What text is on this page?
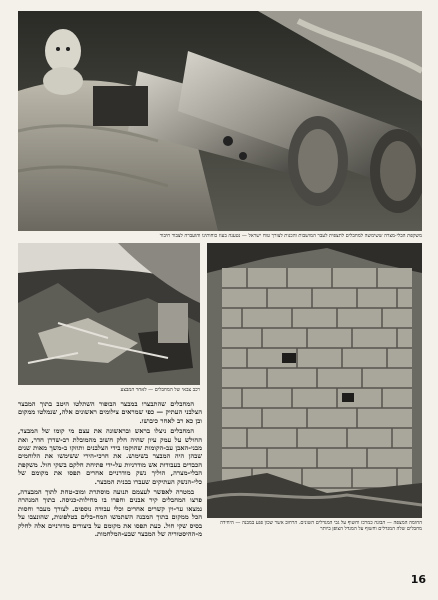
משקפת הבלי-מצרה ששימשה למחבלים לתצפית לעבר המושבות והכנות לצורך טוח ישראל — נטענה בעוז כוחותינו והועברה לצבור חיבור
רכב צבאי של המחבלים — לאחר המבצע
החומה המצפה — הבונה כמרכז וחשוף על גבי המגדלים השונים. הרחוב אשר שכון פגע במבנה — היחידה מחבלים שלה המגדלים וחשוף על המגדל הצופן ביותר

המחבלים שהתבצרו במבצר הבופור השתלטו היטב בתוך המבצר הצלבני העתיק — כפי שמראים צילומים ראשונים אלה, שנמלטו ממקום ובן כא רב לאחר כיבושו.

המחבלים ניצלו בראש ובראשונה את עצם מי קומו של המבצר, החולש על עמק עיון שהיה חלק חשוב מהמובלת רב-שדרן חדר, ואת מבני-האבן עב-הקומות שהוקמו בידי הצלבנים ותוזקו ב-משך מאות שנים שבהן היה המבצר בשימוש. את חרכי-הירי ששימשו את הלוחמים הכבדים בעבודות אש מודרניות על-ידי פתיחת חלקם בשקי חול. משקפת הבלי-מצרה, הוליך נשק מודרניים אחרים תפסו את מקומם של כלי-הנשק העתיקים שעברו בבנית המבצר.

במטרה לאפשר לעצמם תנועה מוסתרת ומוב-טחת לתוך המבצרה, פרצו המחבלים קיר אבנים וחפרו בו מחילות-כניסה. בתוך המנהרה נמצאו ער-וין קשרים אחרים וכלי עבודה נוספים. לצורך מעבר וחסות הכל ממקום בתוך המבנה השתמשו המח-בלים בטלפונות, שהונצבו על בסיס שקי חול. כעת תפסו את מקומם על ביצורים מדורניים אלה לחלק מ-ההיסטוריה של המבצר שבע-המלחמות.

16
